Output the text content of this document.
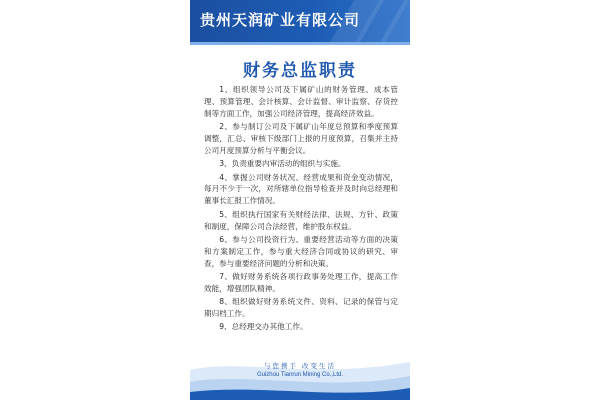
贵州天润矿业有限公司
财务总监职责

1、组织领导公司及下属矿山的财务管理、成本管理、预算管理、会计核算、会计监督、审计监察、存货控制等方面工作，加强公司经济管理，提高经济效益。

2、参与制订公司及下属矿山年度总预算和季度预算调整，汇总、审核下级部门上报的月度预算，召集并主持公司月度预算分析与平衡会议。

3、负责重要内审活动的组织与实施。

4、掌握公司财务状况、经营成果和资金变动情况，每月不少于一次，对所辖单位指导检查并及时向总经理和董事长汇报工作情况。

5、组织执行国家有关财经法律、法规、方针、政策和制度，保障公司合法经营，维护股东权益。

6、参与公司投资行为、重要经营活动等方面的决策和方案制定工作，参与重大经济合同或协议的研究、审查，参与重要经济问题的分析和决策。

7、做好财务系统各项行政事务处理工作，提高工作效能，增强团队精神。

8、组织做好财务系统文件、资料、记录的保管与定期归档工作。

9、总经理交办其他工作。

与您携手 改变生活
Guizhou Tianrun Mining Co.,Ltd.
